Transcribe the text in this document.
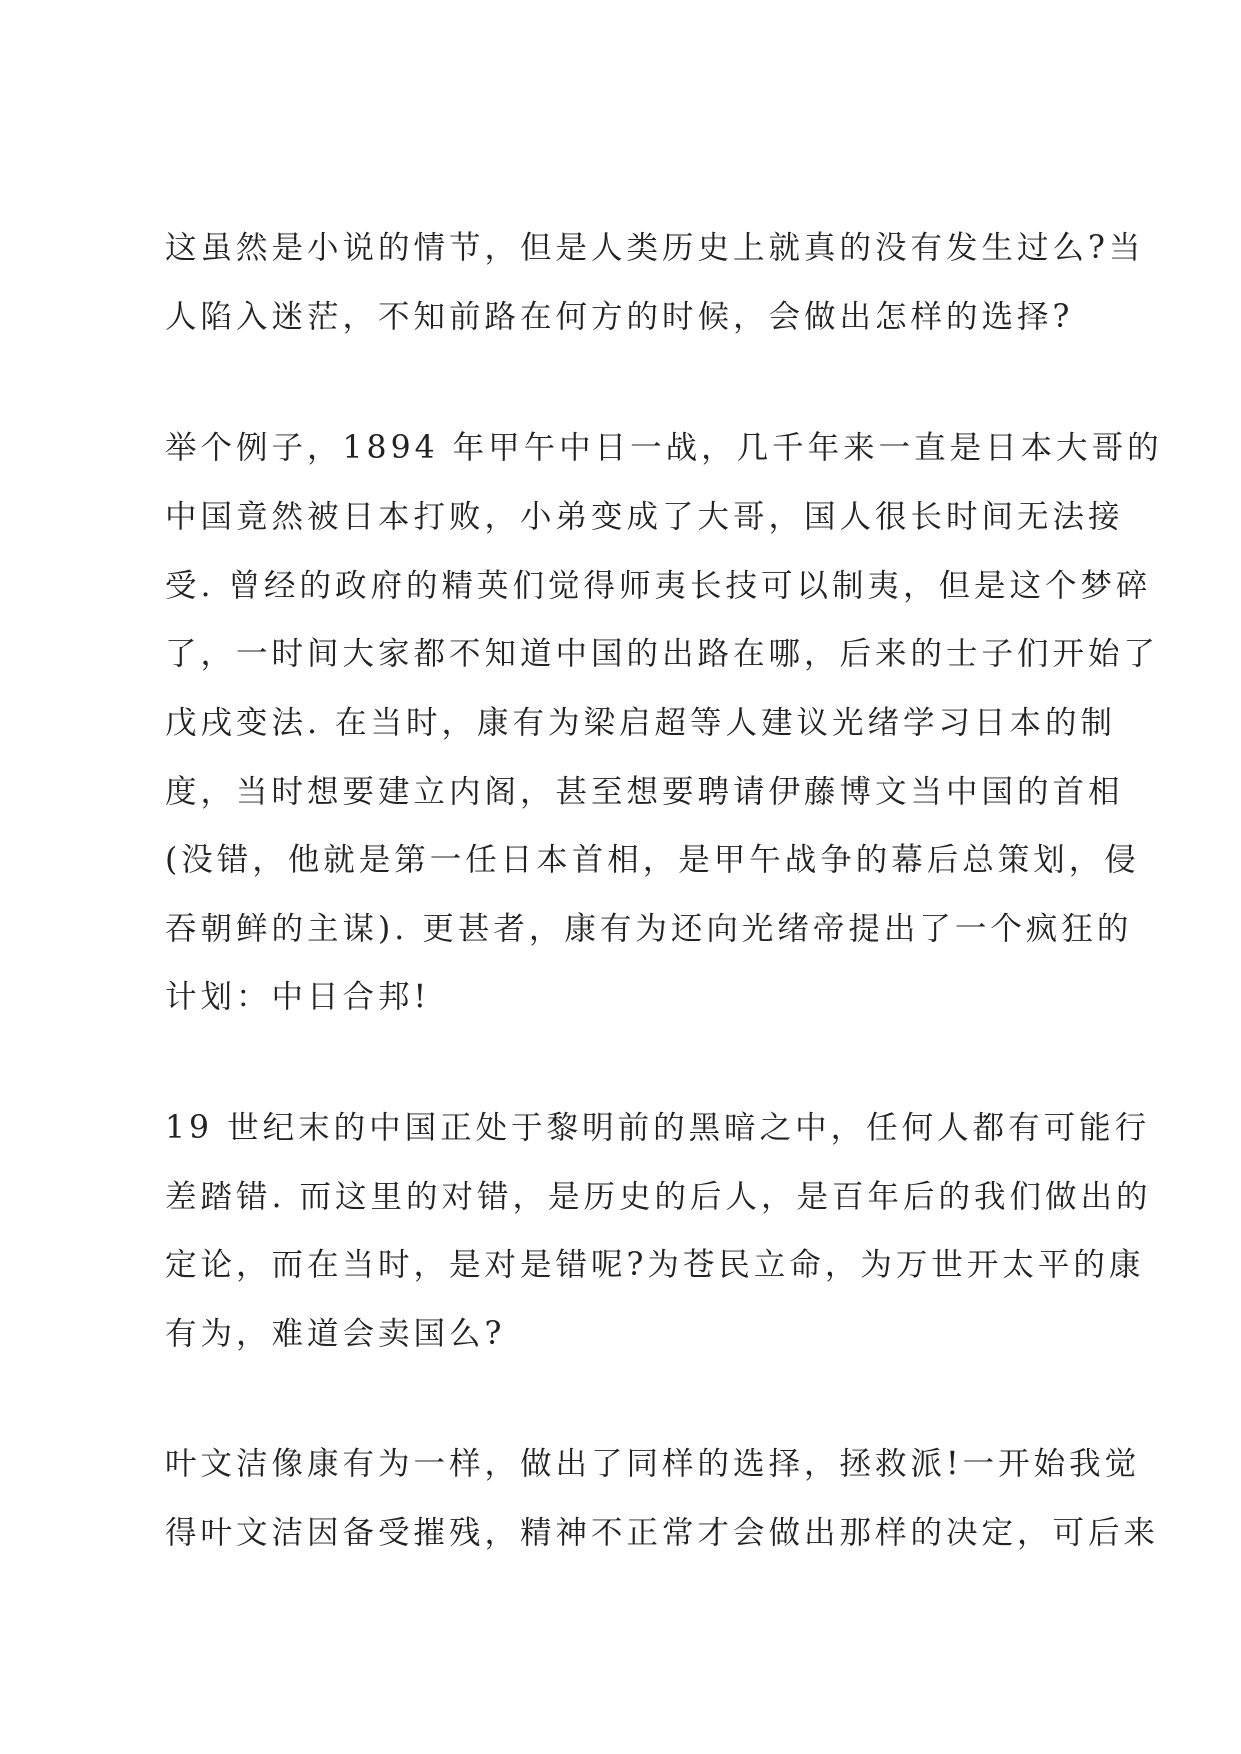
这虽然是小说的情节，但是人类历史上就真的没有发生过么?当
人陷入迷茫，不知前路在何方的时候，会做出怎样的选择?
举个例子，1894 年甲午中日一战，几千年来一直是日本大哥的
中国竟然被日本打败，小弟变成了大哥，国人很长时间无法接
受. 曾经的政府的精英们觉得师夷长技可以制夷，但是这个梦碎
了，一时间大家都不知道中国的出路在哪，后来的士子们开始了
戊戌变法. 在当时，康有为梁启超等人建议光绪学习日本的制
度，当时想要建立内阁，甚至想要聘请伊藤博文当中国的首相
(没错，他就是第一任日本首相，是甲午战争的幕后总策划，侵
吞朝鲜的主谋). 更甚者，康有为还向光绪帝提出了一个疯狂的
计划：中日合邦!
19 世纪末的中国正处于黎明前的黑暗之中，任何人都有可能行
差踏错. 而这里的对错，是历史的后人，是百年后的我们做出的
定论，而在当时，是对是错呢?为苍民立命，为万世开太平的康
有为，难道会卖国么?
叶文洁像康有为一样，做出了同样的选择，拯救派!一开始我觉
得叶文洁因备受摧残，精神不正常才会做出那样的决定，可后来
